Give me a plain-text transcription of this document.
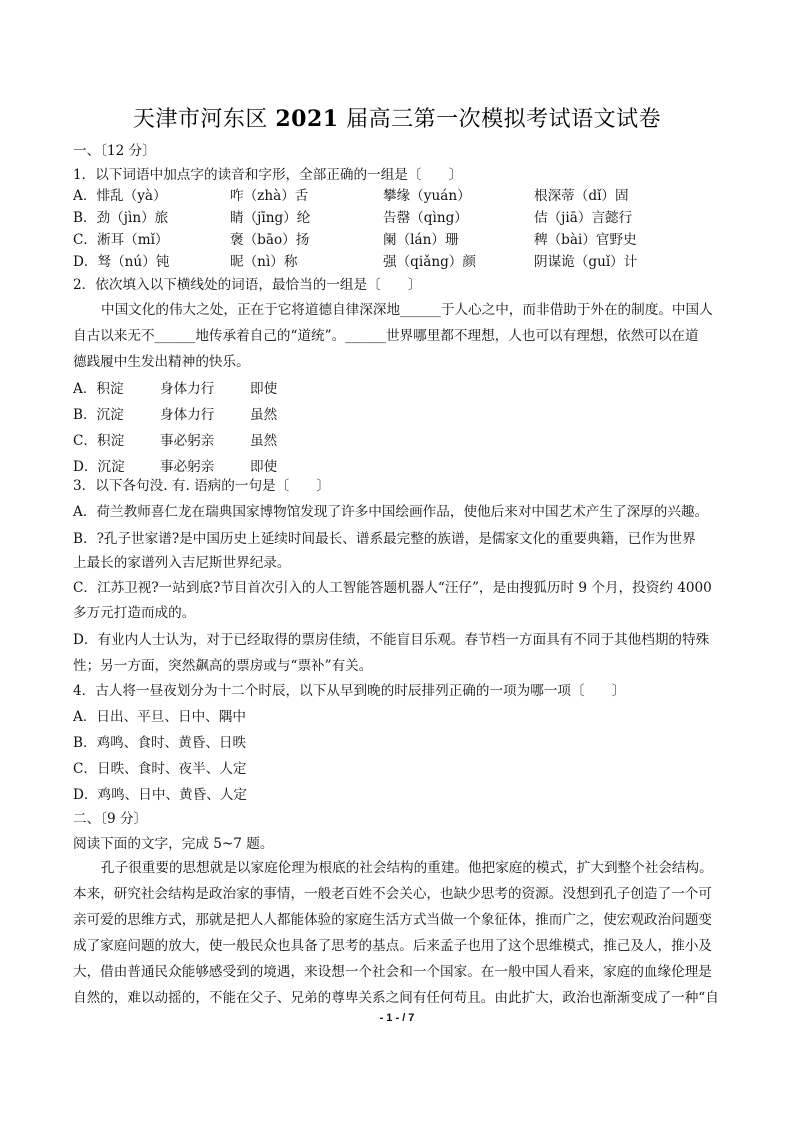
天津市河东区 2021 届高三第一次模拟考试语文试卷
一、〔12 分〕
1．以下词语中加点字的读音和字形，全部正确的一组是〔　　〕
A．悱乱（yà）	咋（zhà）舌	攀缘（yuán）	根深蒂（dǐ）固
B．劲（jìn）旅	睛（jīng）纶	告罄（qìng）	佶（jiā）言懿行
C．淅耳（mǐ）	褒（bāo）扬	阑（lán）珊	稗（bài）官野史
D．驽（nú）钝	昵（nì）称	强（qiǎng）颜	阴谋诡（guǐ）计
2．依次填入以下横线处的词语，最恰当的一组是〔　　〕
中国文化的伟大之处，正在于它将道德自律深深地______于人心之中，而非借助于外在的制度。中国人
自古以来无不______地传承着自己的“道统”。______世界哪里都不理想，人也可以有理想，依然可以在道
德践履中生发出精神的快乐。
A．积淀	身体力行	即使
B．沉淀	身体力行	虽然
C．积淀	事必躬亲	虽然
D．沉淀	事必躬亲	即使
3．以下各句没. 有. 语病的一句是〔　　〕
A．荷兰教师喜仁龙在瑞典国家博物馆发现了许多中国绘画作品，使他后来对中国艺术产生了深厚的兴趣。
B．?孔子世家谱?是中国历史上延续时间最长、谱系最完整的族谱，是儒家文化的重要典籍，已作为世界
上最长的家谱列入吉尼斯世界纪录。
C．江苏卫视?一站到底?节目首次引入的人工智能答题机器人“汪仔”，是由搜狐历时 9 个月，投资约 4000
多万元打造而成的。
D．有业内人士认为，对于已经取得的票房佳绩，不能盲目乐观。春节档一方面具有不同于其他档期的特殊
性；另一方面，突然飙高的票房或与“票补”有关。
4．古人将一昼夜划分为十二个时辰，以下从早到晚的时辰排列正确的一项为哪一项〔　　〕
A．日出、平旦、日中、隅中
B．鸡鸣、食时、黄昏、日昳
C．日昳、食时、夜半、人定
D．鸡鸣、日中、黄昏、人定
二、〔9 分〕
阅读下面的文字，完成 5~7 题。
孔子很重要的思想就是以家庭伦理为根底的社会结构的重建。他把家庭的模式，扩大到整个社会结构。
本来，研究社会结构是政治家的事情，一般老百姓不会关心，也缺少思考的资源。没想到孔子创造了一个可
亲可爱的思维方式，那就是把人人都能体验的家庭生活方式当做一个象征体，推而广之，使宏观政治问题变
成了家庭问题的放大，使一般民众也具备了思考的基点。后来孟子也用了这个思维模式，推己及人，推小及
大，借由普通民众能够感受到的境遇，来设想一个社会和一个国家。在一般中国人看来，家庭的血缘伦理是
自然的，难以动摇的，不能在父子、兄弟的尊卑关系之间有任何苟且。由此扩大，政治也渐渐变成了一种“自
- 1 - / 7
